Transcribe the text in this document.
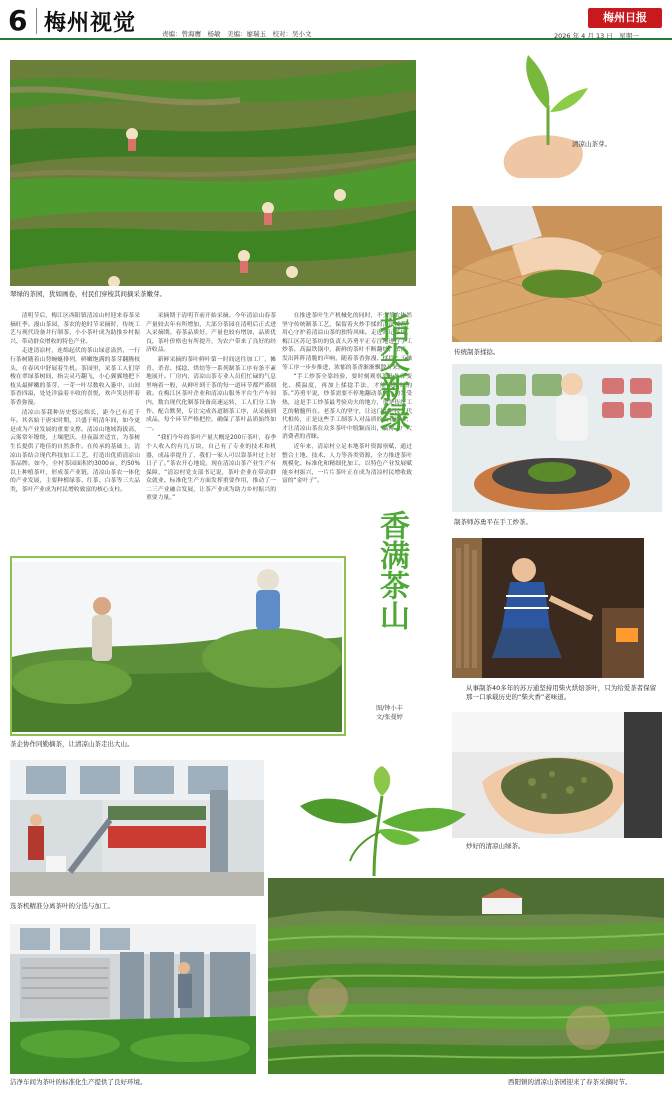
6 梅州视觉	责编：曾海鹰　杨敏　美编：廖瑞玉　校对：吴小文
梅州日报
2026 年 4 月 13 日　星期一
翠绿的茶园，犹如画卷，村民们穿梭其间摘采茶嫩芽。
清凉山茶芽。
传统制茶揉捻。
制茶师苏勇平在手工炒茶。
从事制茶40多年的苏万通坚持用柴火烘焙茶叶，只为给爱茶者保留那一口承载历史的“柴火香”老味道。
炒好的清凉山绿茶。

清明节后，梅江区西阳镇清凉山村迎来春茶采摘旺季。漫山茶园，茶农的抢时节采摘时，传统工艺与现代设备并行制茶，小小茶叶成为助推乡村振兴、带动群众增收的特色产业。

走进清凉村，连绵起伏的茶山绿意盎然，一行行茶树随着山势蜿蜒排列，鲜嫩饱满的茶芽翻腾枝头，在春风中舒展着生机。茶园里，采茶工人们穿梭在翠绿茶树间，指尖灵巧翻飞，小心翼翼地把下枝头最鲜嫩的茶芽，一芽一叶尽数收入篓中，山间茶香四溢，处处洋溢着丰收的喜悦，欢声笑语伴着茶香弥漫。

清凉山茶栽种历史悠远绵长，距今已有近千年。其名始于唐宋时期，兴盛于明清年间，如今更是成为产业发展的重要支撑。清凉山地域海拔高，云雾常年缭绕，土壤肥沃，昼夜温差适宜，为茶树生长提供了绝佳的自然条件。在传承的基础上，清凉山茶结合现代科技加工工艺，打造出优质清凉山茶品牌。如今，全村茶园面积约3000亩，约50%以上种植茶叶，形成茶产业链，清凉山茶农一体化的产业发展，主要种植绿茶、红茶、白茶等三大品类，茶叶产业成为村民增收致富的核心支柱。

采摘期于清明节前开始采摘。今年清凉山春茶产量较去年有所增加，大部分茶园在清明后正式进入采摘期。春茶品质好，产量也较有增加，品质优良，茶叶价格也有所提升，为农户带来了良好的经济收益。

新鲜采摘的茶叶鲜叶第一时间送往加工厂，摊青、杀青、揉捻、烘焙等一系列制茶工序有条不紊地展开。厂房内，清凉山茶专业人员们忙碌的气息里响着一般，从鲜叶到干茶的每一道环节都严谨细致。在梅江区茶叶企业和清凉山服务平台生产车间内，数台现代化制茶设备高速运转，工人们分工协作、配合默契，专注完成各道制茶工序，从采摘到成品，每个环节严格把控，确保了茶叶品质始终如一。

“我们今年的茶叶产量大概是200斤茶叶，春季个人收入约有几万块，自己有了专业的技术和机器，成品率提升了，我们一家人可以靠茶叶过上好日子了。”茶农开心地说。现在清凉山茶产业生产有保障，“清凉村党支部书记说，茶叶企业在带动群众就业、标准化生产方面发挥重要作用，推动了一二三产业融合发展，让茶产业成为助力乡村振兴的重要力量。”

在推进茶叶生产机械化的同时，不少茶农依然坚守传统制茶工艺，保留着火炒手揉的古法技艺，用心守护着清凉山茶的独特风味。走进苏记茶坊，梅江区苏记茶坊的负责人苏勇平正专注地进行手工炒茶，高温铁锅中，新鲜的茶叶不断翻炒、杀青，发出阵阵清脆的声响，随着茶香弥漫、揉捻、干燥等工序一步步推进，浓郁的茶香渐渐飘散开来。

“手工炒茶全靠经验，要时刻观察茶叶色泽变化、摸温度，再加上揉捻手法，才能做出好的茶。”苏勇平说，炒茶需要不停地翻动茶叶，均匀受热，这是手工炒茶最考验功夫的地方，也是传统工艺的精髓所在。老茶人的坚守，让这门古老技艺代代相传，正是这些手工制茶人对品质的执着追求，才让清凉山茶在众多茶叶中脱颖而出，赢得了广大消费者的青睐。

近年来，清凉村立足本地茶叶资源禀赋，通过整合土地、技术、人力等各类资源，全力推进茶叶规模化、标准化和精细化加工，以特色产业发展赋能乡村振兴，一片片茶叶正在成为清凉村民增收致富的“金叶子”。

指尖新绿
香满茶山
图/钟小丰
文/张曼婷
茶企协作同勤摘茶，让清凉山茶走出大山。
选茶机精准分离茶叶的分选与加工。
洁净车间为茶叶的标准化生产提供了良好环境。	西阳镇的清凉山茶园迎来了春茶采摘时节。
